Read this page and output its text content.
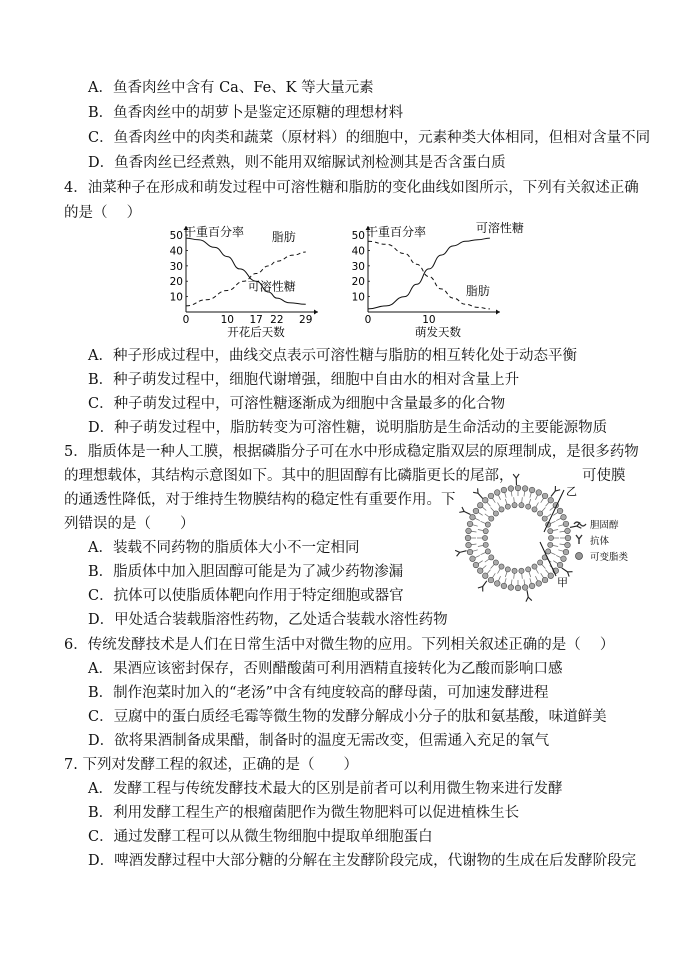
A．鱼香肉丝中含有 Ca、Fe、K 等大量元素
B．鱼香肉丝中的胡萝卜是鉴定还原糖的理想材料
C．鱼香肉丝中的肉类和蔬菜（原材料）的细胞中，元素种类大体相同，但相对含量不同
D．鱼香肉丝已经煮熟，则不能用双缩脲试剂检测其是否含蛋白质
4．油菜种子在形成和萌发过程中可溶性糖和脂肪的变化曲线如图所示，下列有关叙述正确
的是（　 ）
干重百分率
10
20
30
40
50
0	10 17 22 29
开花后天数
脂肪
可溶性糖
干重百分率
10
20
30
40
50
0	10
萌发天数
可溶性糖
脂肪
A．种子形成过程中，曲线交点表示可溶性糖与脂肪的相互转化处于动态平衡
B．种子萌发过程中，细胞代谢增强，细胞中自由水的相对含量上升
C．种子萌发过程中，可溶性糖逐渐成为细胞中含量最多的化合物
D．种子萌发过程中，脂肪转变为可溶性糖，说明脂肪是生命活动的主要能源物质
5．脂质体是一种人工膜，根据磷脂分子可在水中形成稳定脂双层的原理制成，是很多药物
的理想载体，其结构示意图如下。其中的胆固醇有比磷脂更长的尾部，	可使膜
的通透性降低，对于维持生物膜结构的稳定性有重要作用。下
列错误的是（　　）
A．装载不同药物的脂质体大小不一定相同
B．脂质体中加入胆固醇可能是为了减少药物渗漏
C．抗体可以使脂质体靶向作用于特定细胞或器官
D．甲处适合装载脂溶性药物，乙处适合装载水溶性药物
乙
甲
胆固醇
抗体
可变脂类
6．传统发酵技术是人们在日常生活中对微生物的应用。下列相关叙述正确的是（　 ）
A．果酒应该密封保存，否则醋酸菌可利用酒精直接转化为乙酸而影响口感
B．制作泡菜时加入的“老汤”中含有纯度较高的酵母菌，可加速发酵进程
C．豆腐中的蛋白质经毛霉等微生物的发酵分解成小分子的肽和氨基酸，味道鲜美
D．欲将果酒制备成果醋，制备时的温度无需改变，但需通入充足的氧气
7. 下列对发酵工程的叙述，正确的是（　　）
A．发酵工程与传统发酵技术最大的区别是前者可以利用微生物来进行发酵
B．利用发酵工程生产的根瘤菌肥作为微生物肥料可以促进植株生长
C．通过发酵工程可以从微生物细胞中提取单细胞蛋白
D．啤酒发酵过程中大部分糖的分解在主发酵阶段完成，代谢物的生成在后发酵阶段完
